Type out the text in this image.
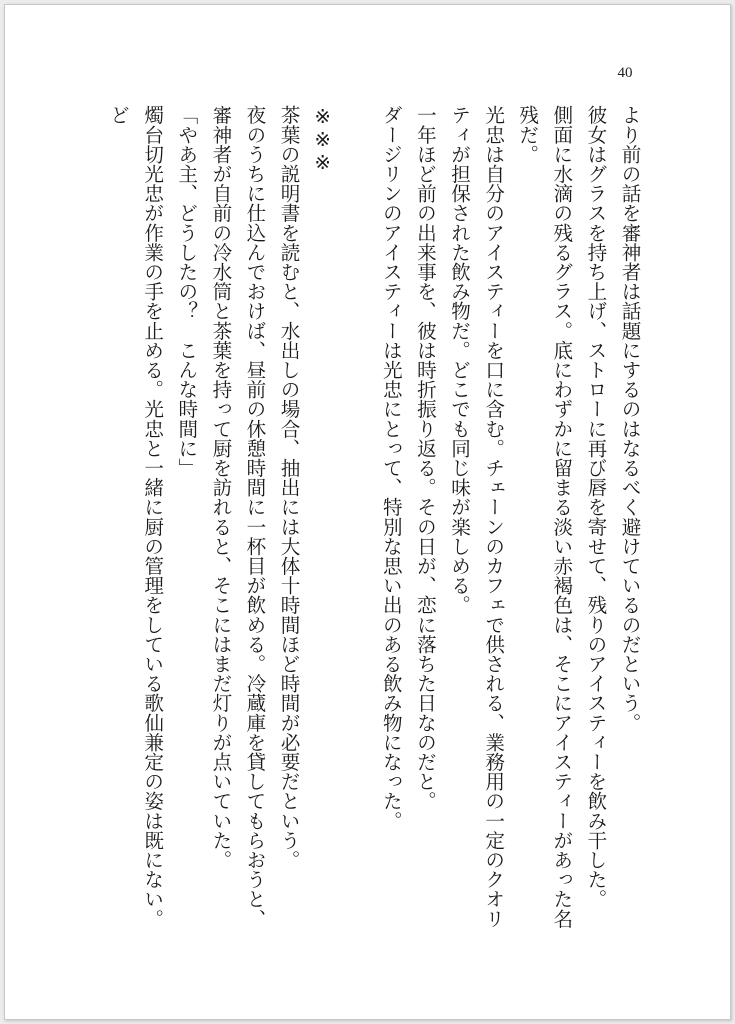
40

より前の話を審神者は話題にするのはなるべく避けているのだという。

彼女はグラスを持ち上げ、ストローに再び唇を寄せて、残りのアイスティーを飲み干した。

側面に水滴の残るグラス。底にわずかに留まる淡い赤褐色は、そこにアイスティーがあった名残だ。

光忠は自分のアイスティーを口に含む。チェーンのカフェで供される、業務用の一定のクオリティが担保された飲み物だ。どこでも同じ味が楽しめる。

一年ほど前の出来事を、彼は時折振り返る。その日が、恋に落ちた日なのだと。

ダージリンのアイスティーは光忠にとって、特別な思い出のある飲み物になった。

※※※

茶葉の説明書を読むと、水出しの場合、抽出には大体十時間ほど時間が必要だという。

夜のうちに仕込んでおけば、昼前の休憩時間に一杯目が飲める。冷蔵庫を貸してもらおうと、審神者が自前の冷水筒と茶葉を持って厨を訪れると、そこにはまだ灯りが点いていた。

「やあ主、どうしたの？　こんな時間に」

燭台切光忠が作業の手を止める。光忠と一緒に厨の管理をしている歌仙兼定の姿は既にない。ど
